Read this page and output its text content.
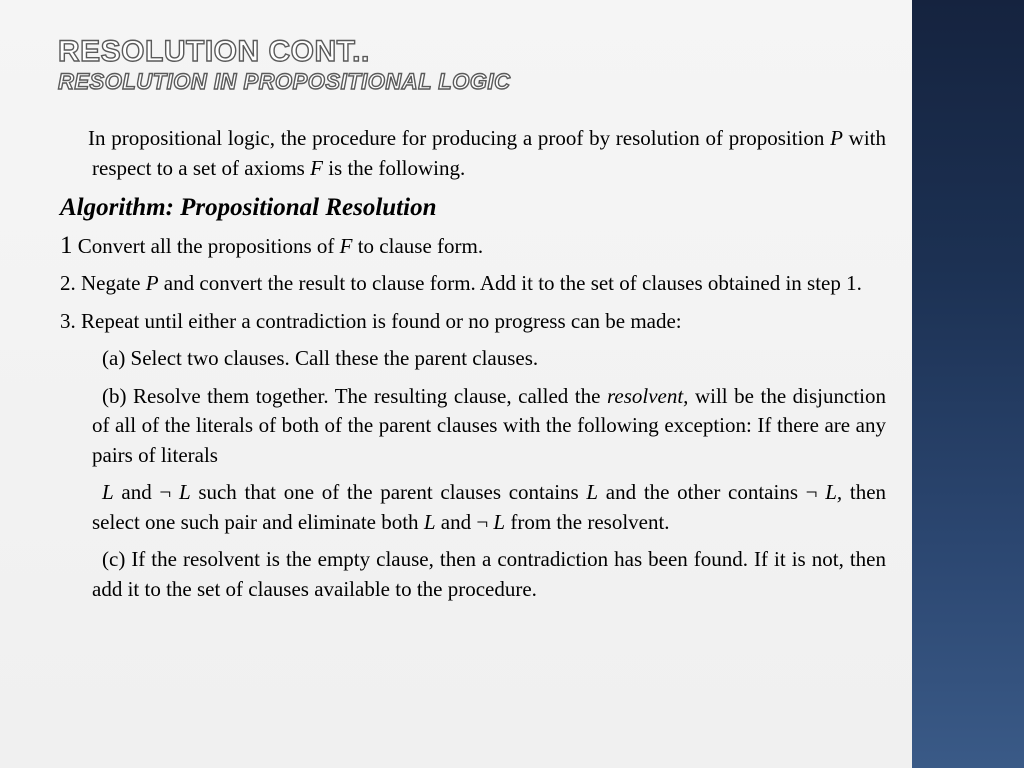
RESOLUTION CONT..
RESOLUTION IN PROPOSITIONAL LOGIC

In propositional logic, the procedure for producing a proof by resolution of proposition P with respect to a set of axioms F is the following.

Algorithm: Propositional Resolution

1 Convert all the propositions of F to clause form.

2. Negate P and convert the result to clause form. Add it to the set of clauses obtained in step 1.

3. Repeat until either a contradiction is found or no progress can be made:

(a) Select two clauses. Call these the parent clauses.

(b) Resolve them together. The resulting clause, called the resolvent, will be the disjunction of all of the literals of both of the parent clauses with the following exception: If there are any pairs of literals

L and ¬ L such that one of the parent clauses contains L and the other contains ¬ L, then select one such pair and eliminate both L and ¬ L from the resolvent.

(c) If the resolvent is the empty clause, then a contradiction has been found. If it is not, then add it to the set of clauses available to the procedure.
